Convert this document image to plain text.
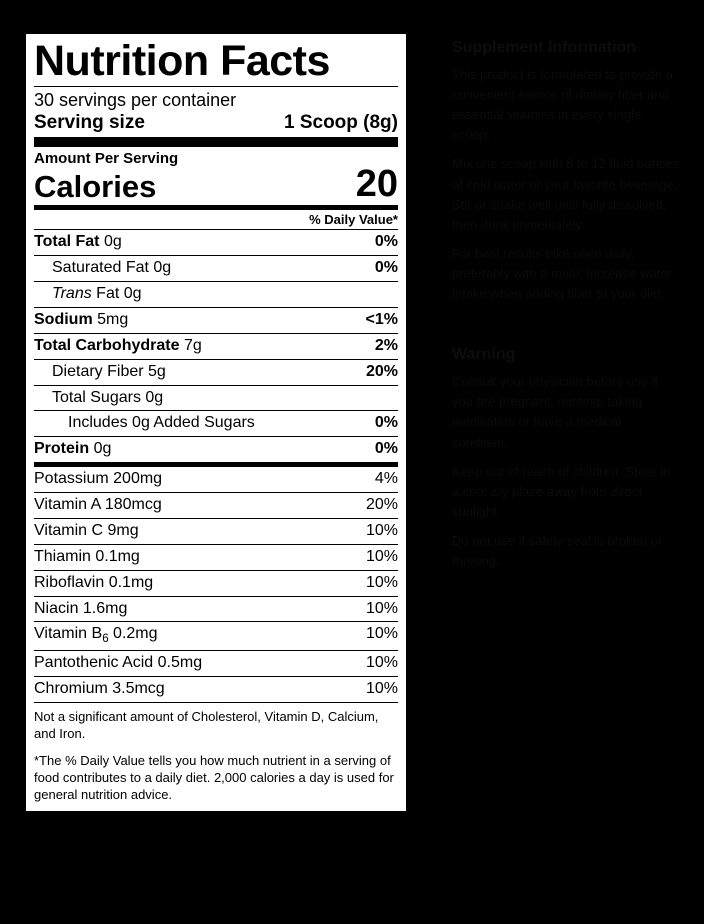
Nutrition Facts
30 servings per container
Serving size	1 Scoop (8g)
Amount Per Serving
Calories	20
% Daily Value*
Total Fat 0g	0%
Saturated Fat 0g	0%
Trans Fat 0g
Sodium 5mg	<1%
Total Carbohydrate 7g	2%
Dietary Fiber 5g	20%
Total Sugars 0g
Includes 0g Added Sugars	0%
Protein 0g	0%
Potassium 200mg	4%
Vitamin A 180mcg	20%
Vitamin C 9mg	10%
Thiamin 0.1mg	10%
Riboflavin 0.1mg	10%
Niacin 1.6mg	10%
Vitamin $B_6$ 0.2mg	10%
Pantothenic Acid 0.5mg	10%
Chromium 3.5mcg	10%
Not a significant amount of Cholesterol, Vitamin D, Calcium, and Iron.
*The % Daily Value tells you how much nutrient in a serving of food contributes to a daily diet. 2,000 calories a day is used for general nutrition advice.
Supplement Information

This product is formulated to provide a convenient source of dietary fiber and essential vitamins in every single scoop.

Mix one scoop with 8 to 12 fluid ounces of cold water or your favorite beverage. Stir or shake well until fully dissolved, then drink immediately.

For best results take once daily, preferably with a meal. Increase water intake when adding fiber to your diet.

Warning

Consult your physician before use if you are pregnant, nursing, taking medication or have a medical condition.

Keep out of reach of children. Store in a cool dry place away from direct sunlight.

Do not use if safety seal is broken or missing.
